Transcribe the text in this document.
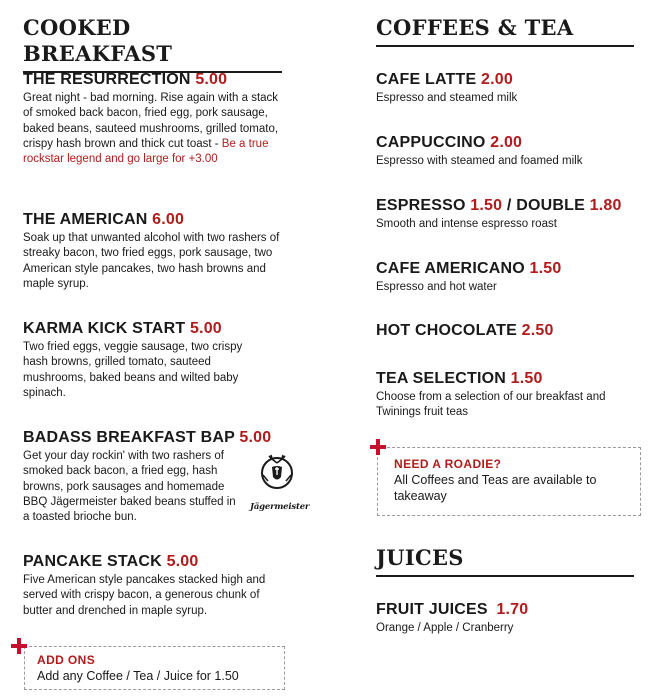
COOKED BREAKFAST
THE RESURRECTION 5.00
Great night - bad morning. Rise again with a stack of smoked back bacon, fried egg, pork sausage, baked beans, sauteed mushrooms, grilled tomato, crispy hash brown and thick cut toast - Be a true rockstar legend and go large for +3.00
THE AMERICAN 6.00
Soak up that unwanted alcohol with two rashers of streaky bacon, two fried eggs, pork sausage, two American style pancakes, two hash browns and maple syrup.
KARMA KICK START 5.00
Two fried eggs, veggie sausage, two crispy hash browns, grilled tomato, sauteed mushrooms, baked beans and wilted baby spinach.
BADASS BREAKFAST BAP 5.00
Get your day rockin' with two rashers of smoked back bacon, a fried egg, hash browns, pork sausages and homemade BBQ Jägermeister baked beans stuffed in a toasted brioche bun.
PANCAKE STACK 5.00
Five American style pancakes stacked high and served with crispy bacon, a generous chunk of butter and drenched in maple syrup.
Jägermeister
ADD ONS
Add any Coffee / Tea / Juice for 1.50
COFFEES & TEA
CAFE LATTE 2.00
Espresso and steamed milk
CAPPUCCINO 2.00
Espresso with steamed and foamed milk
ESPRESSO 1.50 / DOUBLE 1.80
Smooth and intense espresso roast
CAFE AMERICANO 1.50
Espresso and hot water
HOT CHOCOLATE 2.50
TEA SELECTION 1.50
Choose from a selection of our breakfast and Twinings fruit teas
JUICES
FRUIT JUICES 1.70
Orange / Apple / Cranberry
NEED A ROADIE?
All Coffees and Teas are available to takeaway
